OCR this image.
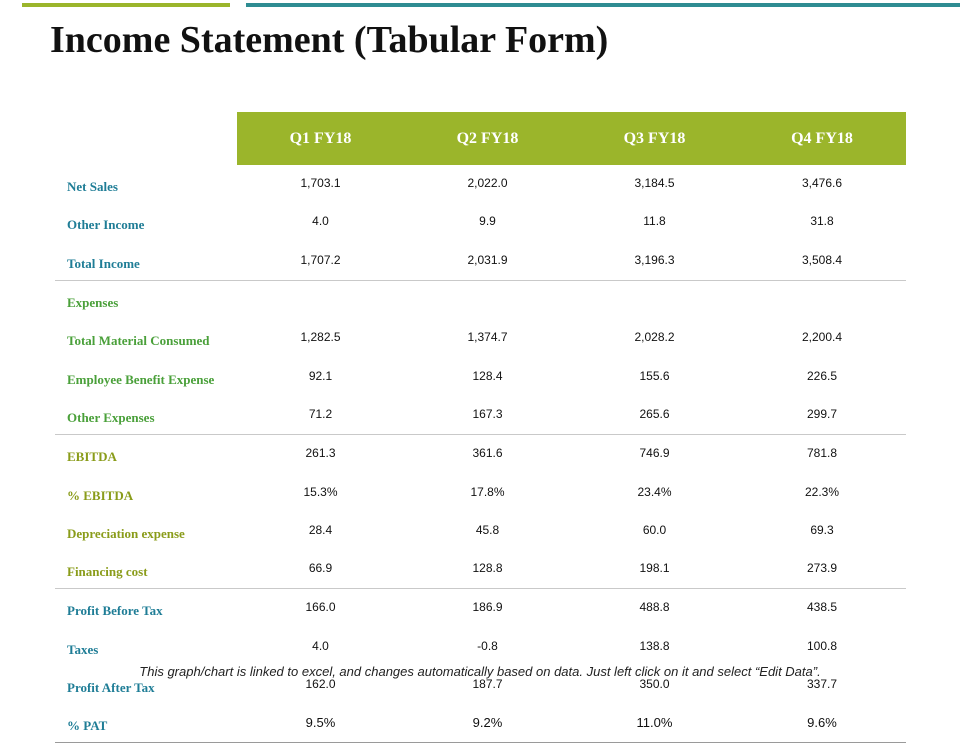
Income Statement (Tabular Form)
	Q1 FY18	Q2 FY18	Q3 FY18	Q4 FY18
Net Sales	1,703.1	2,022.0	3,184.5	3,476.6
Other Income	4.0	9.9	11.8	31.8
Total Income	1,707.2	2,031.9	3,196.3	3,508.4
Expenses				
Total Material Consumed	1,282.5	1,374.7	2,028.2	2,200.4
Employee Benefit Expense	92.1	128.4	155.6	226.5
Other Expenses	71.2	167.3	265.6	299.7
EBITDA	261.3	361.6	746.9	781.8
% EBITDA	15.3%	17.8%	23.4%	22.3%
Depreciation expense	28.4	45.8	60.0	69.3
Financing cost	66.9	128.8	198.1	273.9
Profit Before Tax	166.0	186.9	488.8	438.5
Taxes	4.0	-0.8	138.8	100.8
Profit After Tax	162.0	187.7	350.0	337.7
% PAT	9.5%	9.2%	11.0%	9.6%
This graph/chart is linked to excel, and changes automatically based on data. Just left click on it and select “Edit Data”.
